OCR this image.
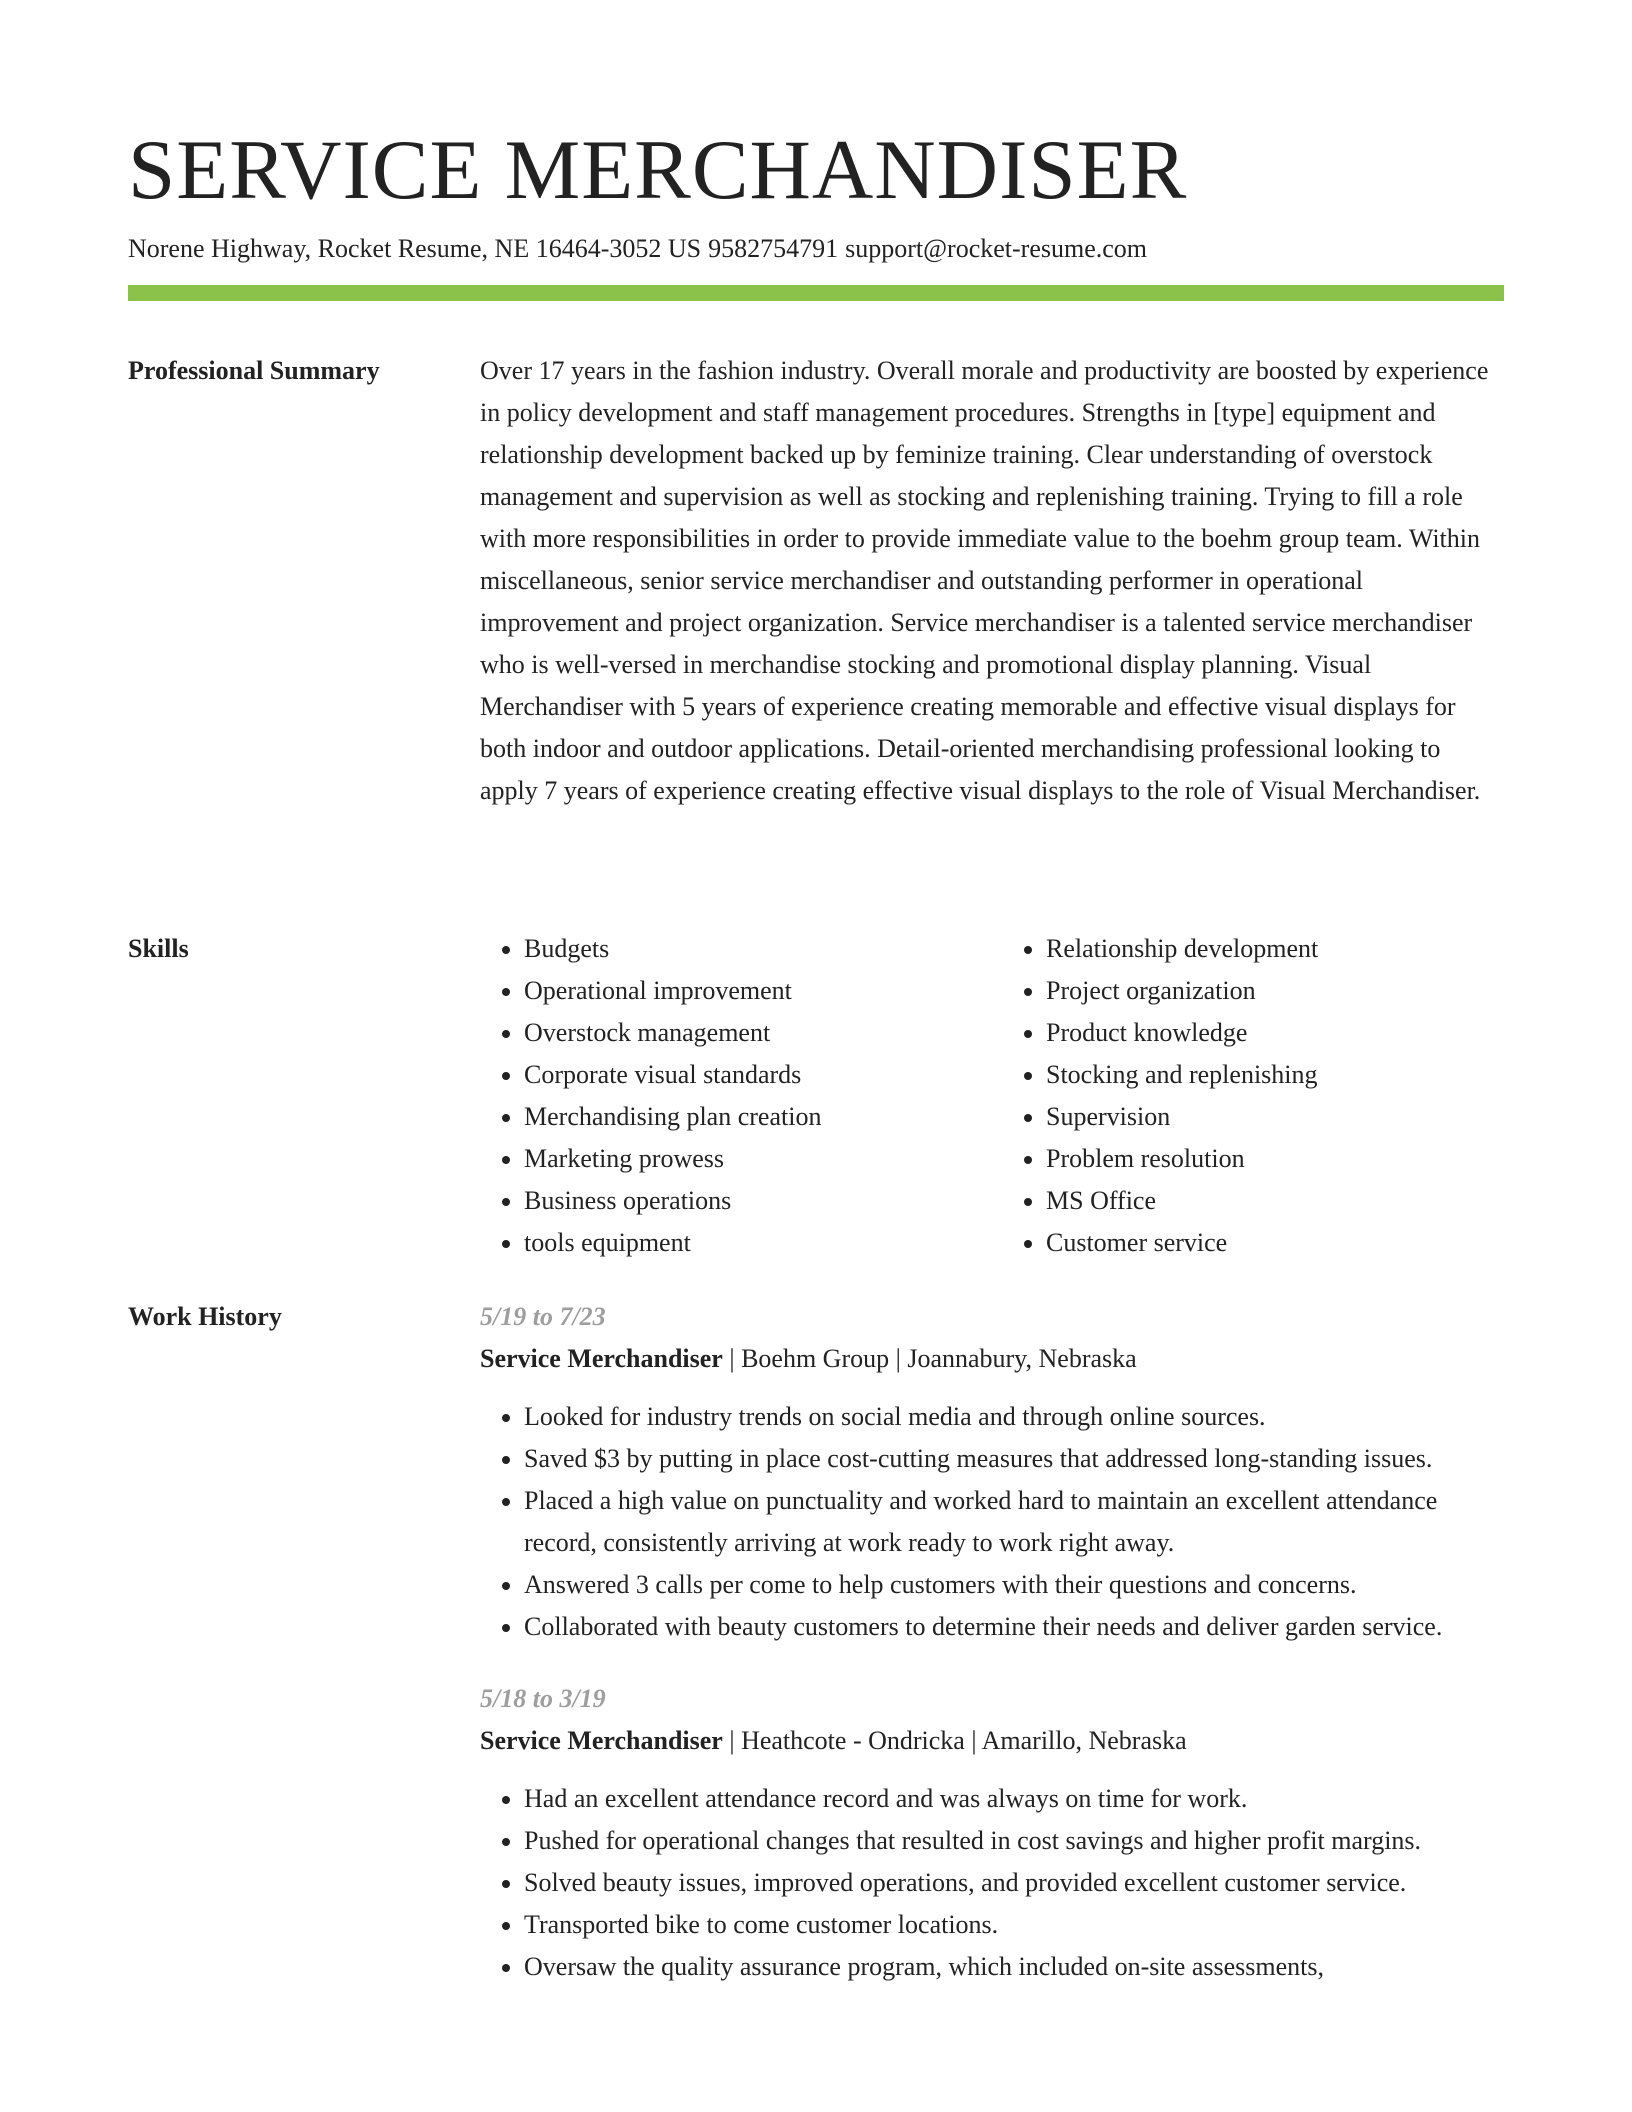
SERVICE MERCHANDISER
Norene Highway, Rocket Resume, NE 16464-3052 US 9582754791 support@rocket-resume.com
Professional Summary	Over 17 years in the fashion industry. Overall morale and productivity are boosted by experience in policy development and staff management procedures. Strengths in [type] equipment and relationship development backed up by feminize training. Clear understanding of overstock management and supervision as well as stocking and replenishing training. Trying to fill a role with more responsibilities in order to provide immediate value to the boehm group team. Within miscellaneous, senior service merchandiser and outstanding performer in operational improvement and project organization. Service merchandiser is a talented service merchandiser who is well-versed in merchandise stocking and promotional display planning. Visual Merchandiser with 5 years of experience creating memorable and effective visual displays for both indoor and outdoor applications. Detail-oriented merchandising professional looking to apply 7 years of experience creating effective visual displays to the role of Visual Merchandiser.

Skills
•	Budgets
• Operational improvement
• Overstock management
• Corporate visual standards
• Merchandising plan creation
• Marketing prowess
• Business operations
• tools equipment
• Relationship development
• Project organization
• Product knowledge
• Stocking and replenishing
• Supervision
• Problem resolution
• MS Office
• Customer service
Work History	5/19 to 7/23
Service Merchandiser | Boehm Group | Joannabury, Nebraska
• Looked for industry trends on social media and through online sources.
• Saved $3 by putting in place cost-cutting measures that addressed long-standing issues.
• Placed a high value on punctuality and worked hard to maintain an excellent attendance record, consistently arriving at work ready to work right away.
• Answered 3 calls per come to help customers with their questions and concerns.
• Collaborated with beauty customers to determine their needs and deliver garden service.
5/18 to 3/19
Service Merchandiser | Heathcote - Ondricka | Amarillo, Nebraska
• Had an excellent attendance record and was always on time for work.
• Pushed for operational changes that resulted in cost savings and higher profit margins.
• Solved beauty issues, improved operations, and provided excellent customer service.
• Transported bike to come customer locations.
• Oversaw the quality assurance program, which included on-site assessments,
